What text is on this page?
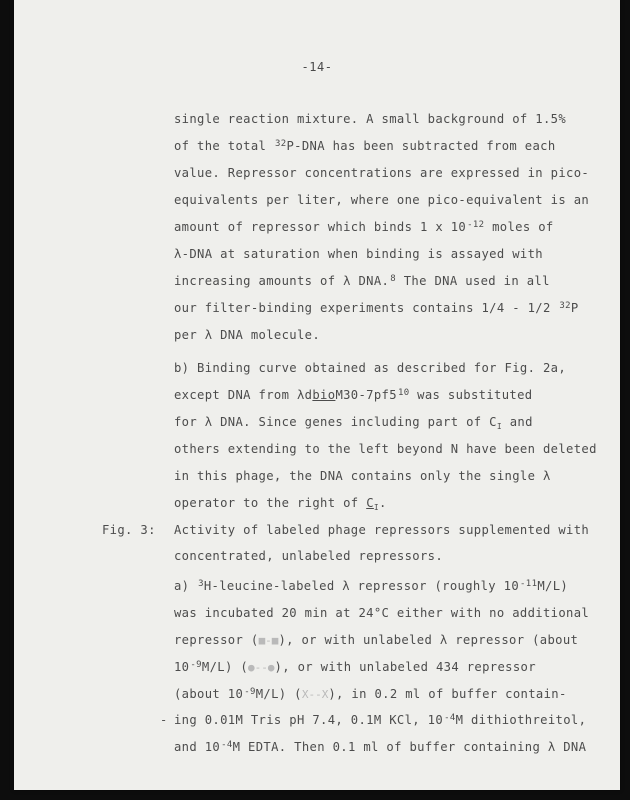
-14-
single reaction mixture. A small background of 1.5%
of the total $^{32}$P-DNA has been subtracted from each
value. Repressor concentrations are expressed in pico-
equivalents per liter, where one pico-equivalent is an
amount of repressor which binds 1 x $10^{-12}$ moles of
λ-DNA at saturation when binding is assayed with
increasing amounts of λ DNA.$^8$ The DNA used in all
our filter-binding experiments contains 1/4 - 1/2 $^{32}$P
per λ DNA molecule.
b) Binding curve obtained as described for Fig. 2a,
except DNA from $\lambda dbioM30-7pf5^{10}$ was substituted
for λ DNA. Since genes including part of $C_I$ and
others extending to the left beyond N have been deleted
in this phage, the DNA contains only the single λ
operator to the right of $C_I$.
Fig. 3: Activity of labeled phage repressors supplemented with
concentrated, unlabeled repressors.
a) $^3$H-leucine-labeled λ repressor (roughly $10^{-11}M/L$)
was incubated 20 min at 24°C either with no additional
repressor (■-■), or with unlabeled λ repressor (about
$10^{-9}M/L$) (●--●), or with unlabeled 434 repressor
(about $10^{-9}M/L$) (X--X), in 0.2 ml of buffer contain-
- ing 0.01M Tris pH 7.4, 0.1M KCl, $10^{-4}M$ dithiothreitol,
and $10^{-4}M$ EDTA. Then 0.1 ml of buffer containing λ DNA
